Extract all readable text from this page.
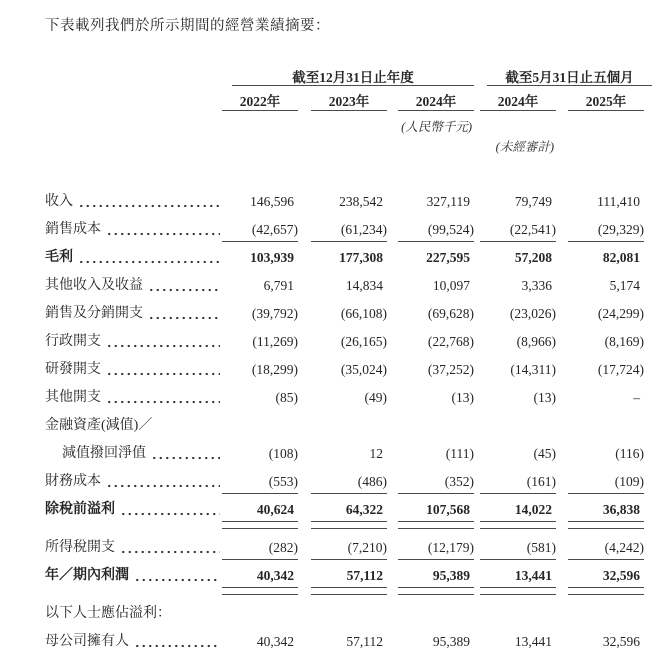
下表載列我們於所示期間的經營業績摘要：
截至12月31日止年度	截至5月31日止五個月
2022年	2023年	2024年	2024年	2025年
(人民幣千元)
(未經審計)
收入	146,596	238,542	327,119	79,749	111,410
銷售成本	(42,657)	(61,234)	(99,524)	(22,541)	(29,329)
毛利	103,939	177,308	227,595	57,208	82,081
其他收入及收益	6,791	14,834	10,097	3,336	5,174
銷售及分銷開支	(39,792)	(66,108)	(69,628)	(23,026)	(24,299)
行政開支	(11,269)	(26,165)	(22,768)	(8,966)	(8,169)
研發開支	(18,299)	(35,024)	(37,252)	(14,311)	(17,724)
其他開支	(85)	(49)	(13)	(13)	–
金融資產(減值)／
減值撥回淨值	(108)	12	(111)	(45)	(116)
財務成本	(553)	(486)	(352)	(161)	(109)
除稅前溢利	40,624	64,322	107,568	14,022	36,838
所得稅開支	(282)	(7,210)	(12,179)	(581)	(4,242)
年／期內利潤	40,342	57,112	95,389	13,441	32,596
以下人士應佔溢利：
母公司擁有人	40,342	57,112	95,389	13,441	32,596
